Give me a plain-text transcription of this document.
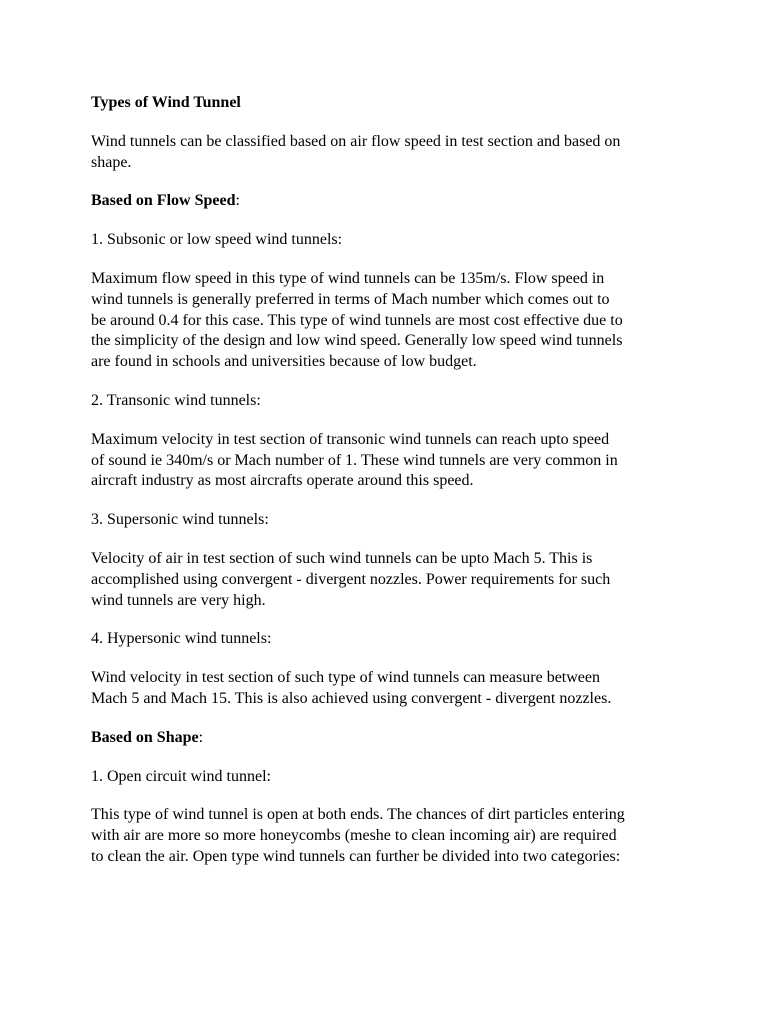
Types of Wind Tunnel

Wind tunnels can be classified based on air flow speed in test section and based on
shape.

Based on Flow Speed:

1. Subsonic or low speed wind tunnels:

Maximum flow speed in this type of wind tunnels can be 135m/s. Flow speed in
wind tunnels is generally preferred in terms of Mach number which comes out to
be around 0.4 for this case. This type of wind tunnels are most cost effective due to
the simplicity of the design and low wind speed. Generally low speed wind tunnels
are found in schools and universities because of low budget.

2. Transonic wind tunnels:

Maximum velocity in test section of transonic wind tunnels can reach upto speed
of sound ie 340m/s or Mach number of 1. These wind tunnels are very common in
aircraft industry as most aircrafts operate around this speed.

3. Supersonic wind tunnels:

Velocity of air in test section of such wind tunnels can be upto Mach 5. This is
accomplished using convergent - divergent nozzles. Power requirements for such
wind tunnels are very high.

4. Hypersonic wind tunnels:

Wind velocity in test section of such type of wind tunnels can measure between
Mach 5 and Mach 15. This is also achieved using convergent - divergent nozzles.

Based on Shape:

1. Open circuit wind tunnel:

This type of wind tunnel is open at both ends. The chances of dirt particles entering
with air are more so more honeycombs (meshe to clean incoming air) are required
to clean the air. Open type wind tunnels can further be divided into two categories:
